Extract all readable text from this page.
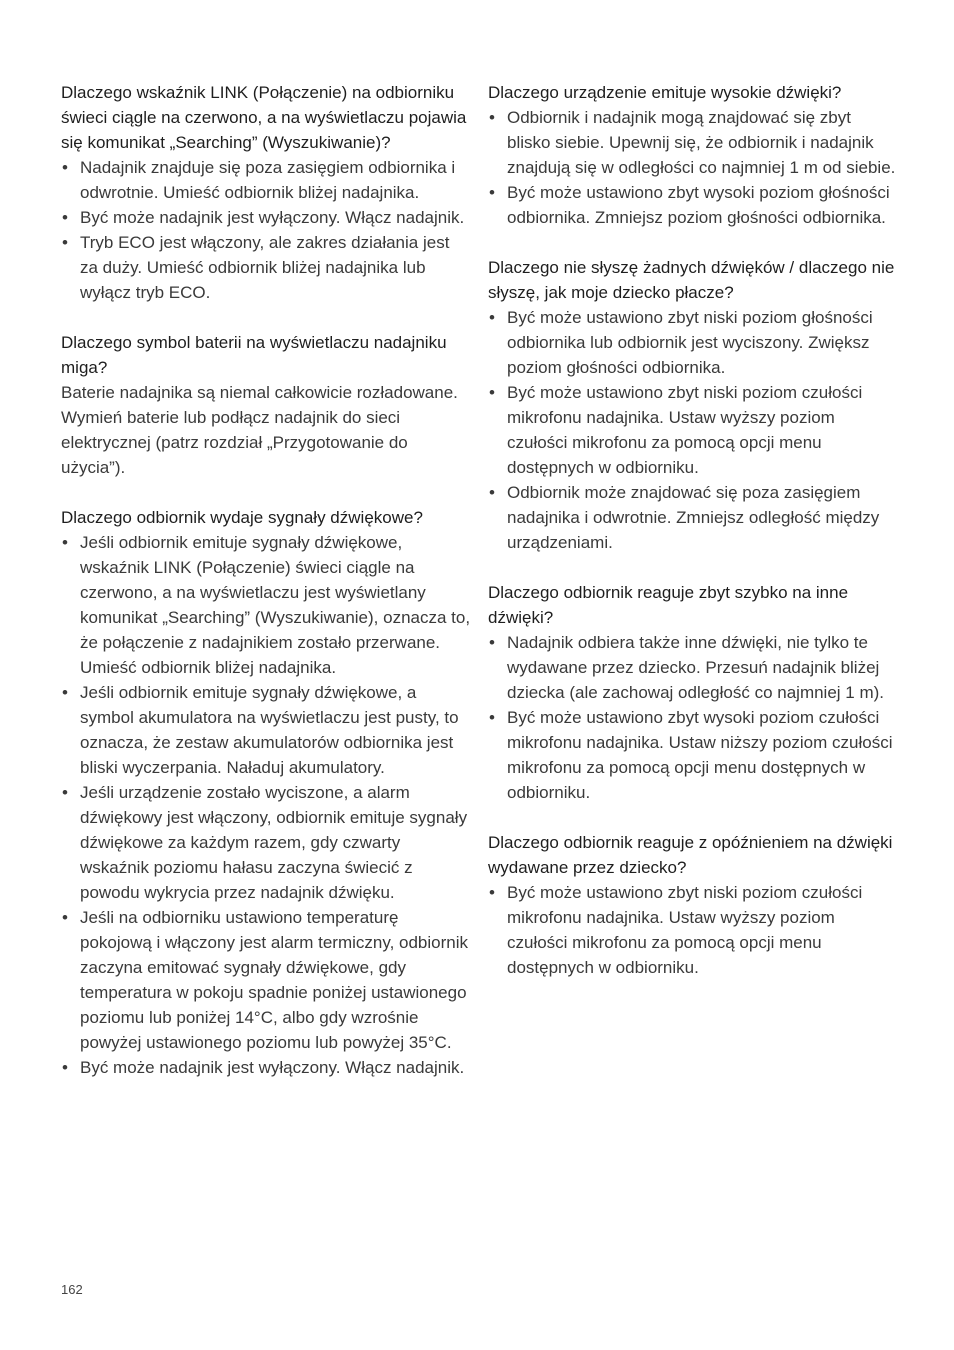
Dlaczego wskaźnik LINK (Połączenie) na odbiorniku świeci ciągle na czerwono, a na wyświetlaczu pojawia się komunikat „Searching” (Wyszukiwanie)?

• Nadajnik znajduje się poza zasięgiem odbiornika i odwrotnie. Umieść odbiornik bliżej nadajnika.
• Być może nadajnik jest wyłączony. Włącz nadajnik.
• Tryb ECO jest włączony, ale zakres działania jest za duży. Umieść odbiornik bliżej nadajnika lub wyłącz tryb ECO.

Dlaczego symbol baterii na wyświetlaczu nadajniku miga?

Baterie nadajnika są niemal całkowicie rozładowane. Wymień baterie lub podłącz nadajnik do sieci elektrycznej (patrz rozdział „Przygotowanie do użycia”).

Dlaczego odbiornik wydaje sygnały dźwiękowe?

• Jeśli odbiornik emituje sygnały dźwiękowe, wskaźnik LINK (Połączenie) świeci ciągle na czerwono, a na wyświetlaczu jest wyświetlany komunikat „Searching” (Wyszukiwanie), oznacza to, że połączenie z nadajnikiem zostało przerwane. Umieść odbiornik bliżej nadajnika.
• Jeśli odbiornik emituje sygnały dźwiękowe, a symbol akumulatora na wyświetlaczu jest pusty, to oznacza, że zestaw akumulatorów odbiornika jest bliski wyczerpania. Naładuj akumulatory.
• Jeśli urządzenie zostało wyciszone, a alarm dźwiękowy jest włączony, odbiornik emituje sygnały dźwiękowe za każdym razem, gdy czwarty wskaźnik poziomu hałasu zaczyna świecić z powodu wykrycia przez nadajnik dźwięku.
• Jeśli na odbiorniku ustawiono temperaturę pokojową i włączony jest alarm termiczny, odbiornik zaczyna emitować sygnały dźwiękowe, gdy temperatura w pokoju spadnie poniżej ustawionego poziomu lub poniżej 14°C, albo gdy wzrośnie powyżej ustawionego poziomu lub powyżej 35°C.
• Być może nadajnik jest wyłączony. Włącz nadajnik.

Dlaczego urządzenie emituje wysokie dźwięki?

• Odbiornik i nadajnik mogą znajdować się zbyt blisko siebie. Upewnij się, że odbiornik i nadajnik znajdują się w odległości co najmniej 1 m od siebie.
• Być może ustawiono zbyt wysoki poziom głośności odbiornika. Zmniejsz poziom głośności odbiornika.

Dlaczego nie słyszę żadnych dźwięków / dlaczego nie słyszę, jak moje dziecko płacze?

• Być może ustawiono zbyt niski poziom głośności odbiornika lub odbiornik jest wyciszony. Zwiększ poziom głośności odbiornika.
• Być może ustawiono zbyt niski poziom czułości mikrofonu nadajnika. Ustaw wyższy poziom czułości mikrofonu za pomocą opcji menu dostępnych w odbiorniku.
• Odbiornik może znajdować się poza zasięgiem nadajnika i odwrotnie. Zmniejsz odległość między urządzeniami.

Dlaczego odbiornik reaguje zbyt szybko na inne dźwięki?

• Nadajnik odbiera także inne dźwięki, nie tylko te wydawane przez dziecko. Przesuń nadajnik bliżej dziecka (ale zachowaj odległość co najmniej 1 m).
• Być może ustawiono zbyt wysoki poziom czułości mikrofonu nadajnika. Ustaw niższy poziom czułości mikrofonu za pomocą opcji menu dostępnych w odbiorniku.

Dlaczego odbiornik reaguje z opóźnieniem na dźwięki wydawane przez dziecko?

• Być może ustawiono zbyt niski poziom czułości mikrofonu nadajnika. Ustaw wyższy poziom czułości mikrofonu za pomocą opcji menu dostępnych w odbiorniku.
162
